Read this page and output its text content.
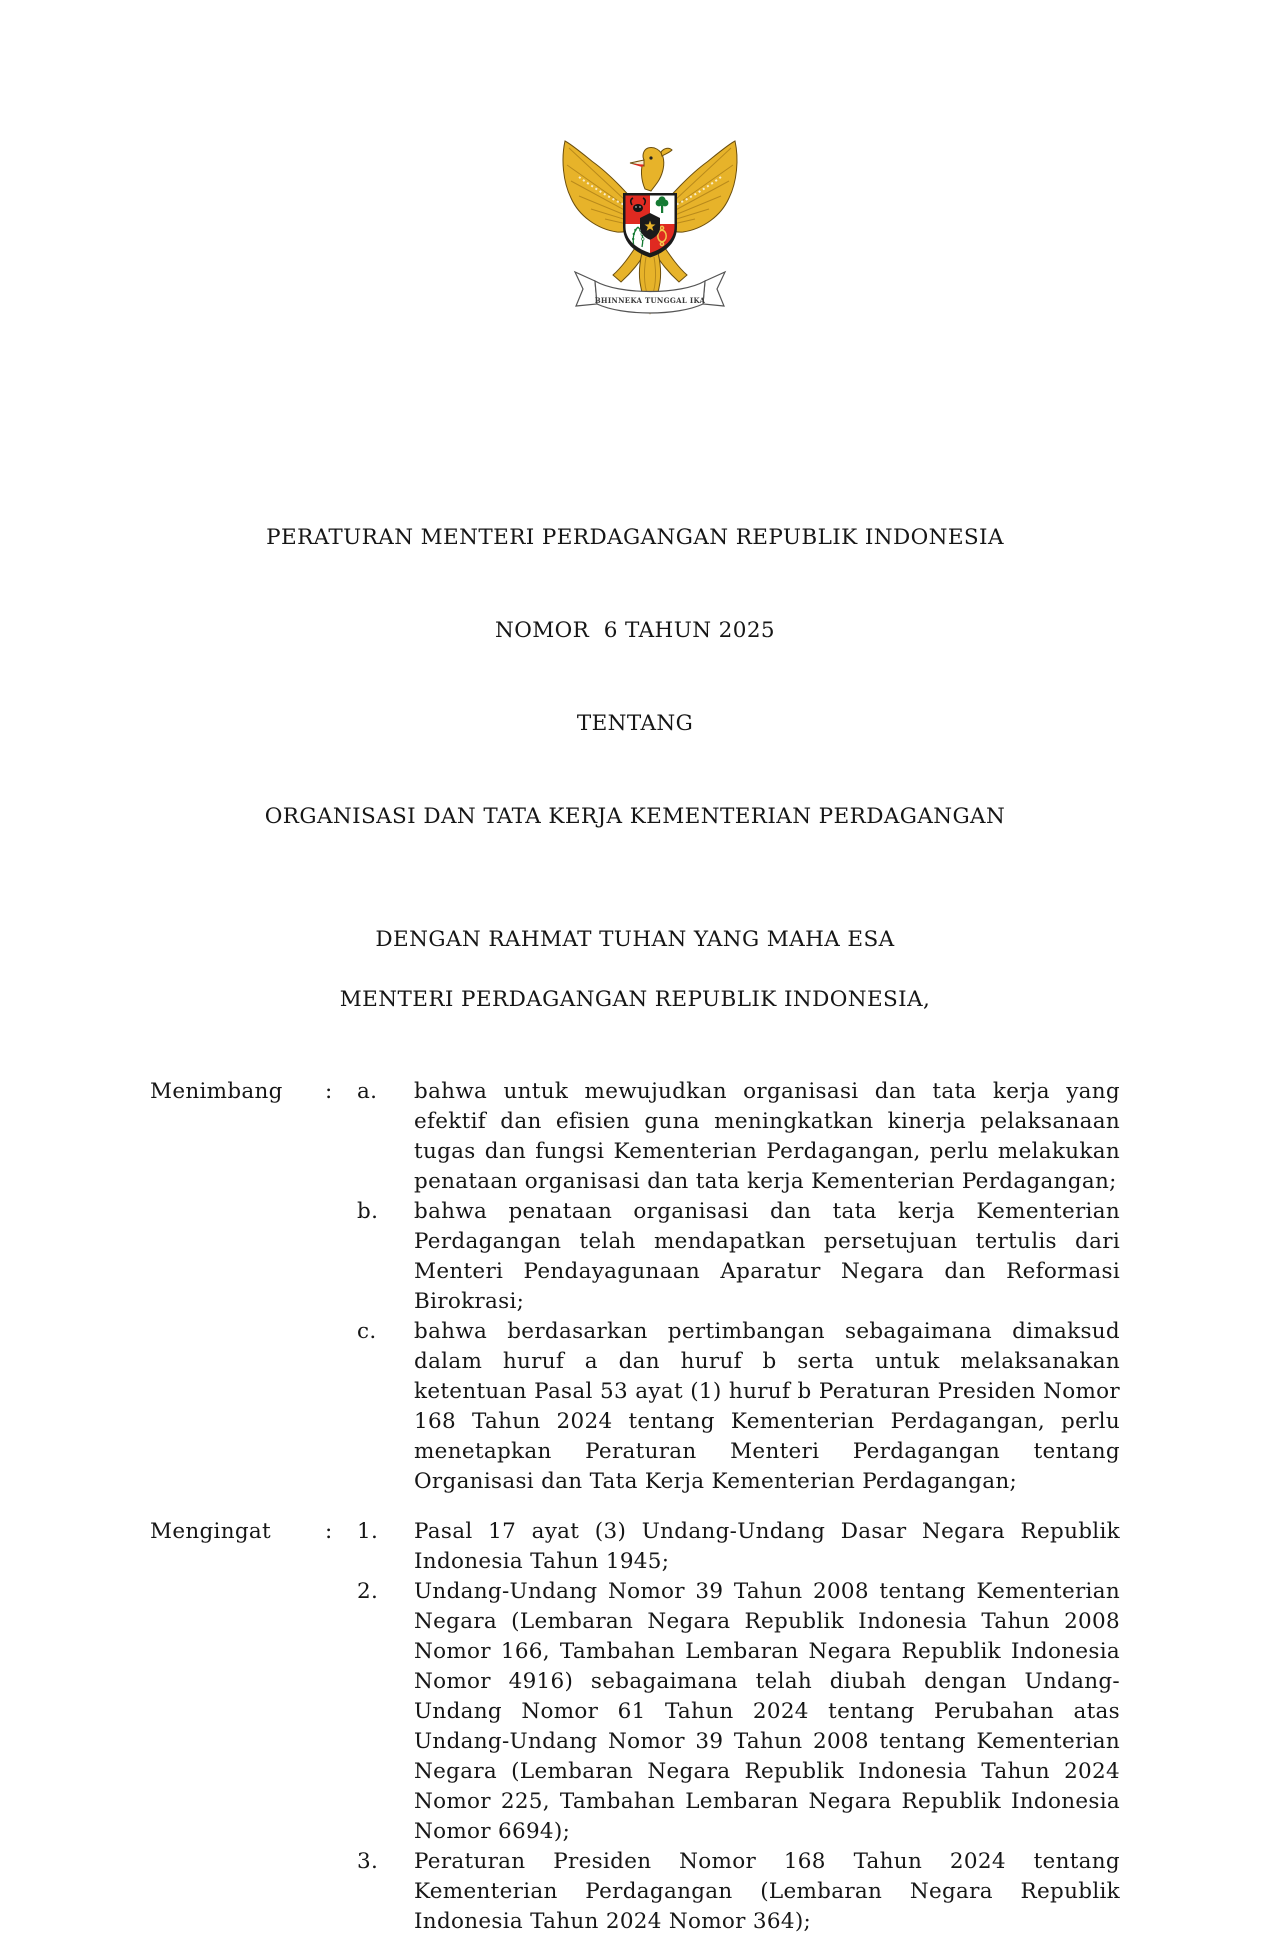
BHINNEKA TUNGGAL IKA

PERATURAN MENTERI PERDAGANGAN REPUBLIK INDONESIA

NOMOR  6 TAHUN 2025

TENTANG

ORGANISASI DAN TATA KERJA KEMENTERIAN PERDAGANGAN

DENGAN RAHMAT TUHAN YANG MAHA ESA
MENTERI PERDAGANGAN REPUBLIK INDONESIA,
Menimbang	:	a.	bahwa untuk mewujudkan organisasi dan tata kerja yang efektif dan efisien guna meningkatkan kinerja pelaksanaan tugas dan fungsi Kementerian Perdagangan, perlu melakukan penataan organisasi dan tata kerja Kementerian Perdagangan;

b.	bahwa penataan organisasi dan tata kerja Kementerian Perdagangan telah mendapatkan persetujuan tertulis dari Menteri Pendayagunaan Aparatur Negara dan Reformasi Birokrasi;

c.	bahwa berdasarkan pertimbangan sebagaimana dimaksud dalam huruf a dan huruf b serta untuk melaksanakan ketentuan Pasal 53 ayat (1) huruf b Peraturan Presiden Nomor 168 Tahun 2024 tentang Kementerian Perdagangan, perlu menetapkan Peraturan Menteri Perdagangan tentang Organisasi dan Tata Kerja Kementerian Perdagangan;

Mengingat	:	1.	Pasal 17 ayat (3) Undang-Undang Dasar Negara Republik Indonesia Tahun 1945;

2.	Undang-Undang Nomor 39 Tahun 2008 tentang Kementerian Negara (Lembaran Negara Republik Indonesia Tahun 2008 Nomor 166, Tambahan Lembaran Negara Republik Indonesia Nomor 4916) sebagaimana telah diubah dengan Undang-Undang Nomor 61 Tahun 2024 tentang Perubahan atas Undang-Undang Nomor 39 Tahun 2008 tentang Kementerian Negara (Lembaran Negara Republik Indonesia Tahun 2024 Nomor 225, Tambahan Lembaran Negara Republik Indonesia Nomor 6694);

3.	Peraturan Presiden Nomor 168 Tahun 2024 tentang Kementerian Perdagangan (Lembaran Negara Republik Indonesia Tahun 2024 Nomor 364);
